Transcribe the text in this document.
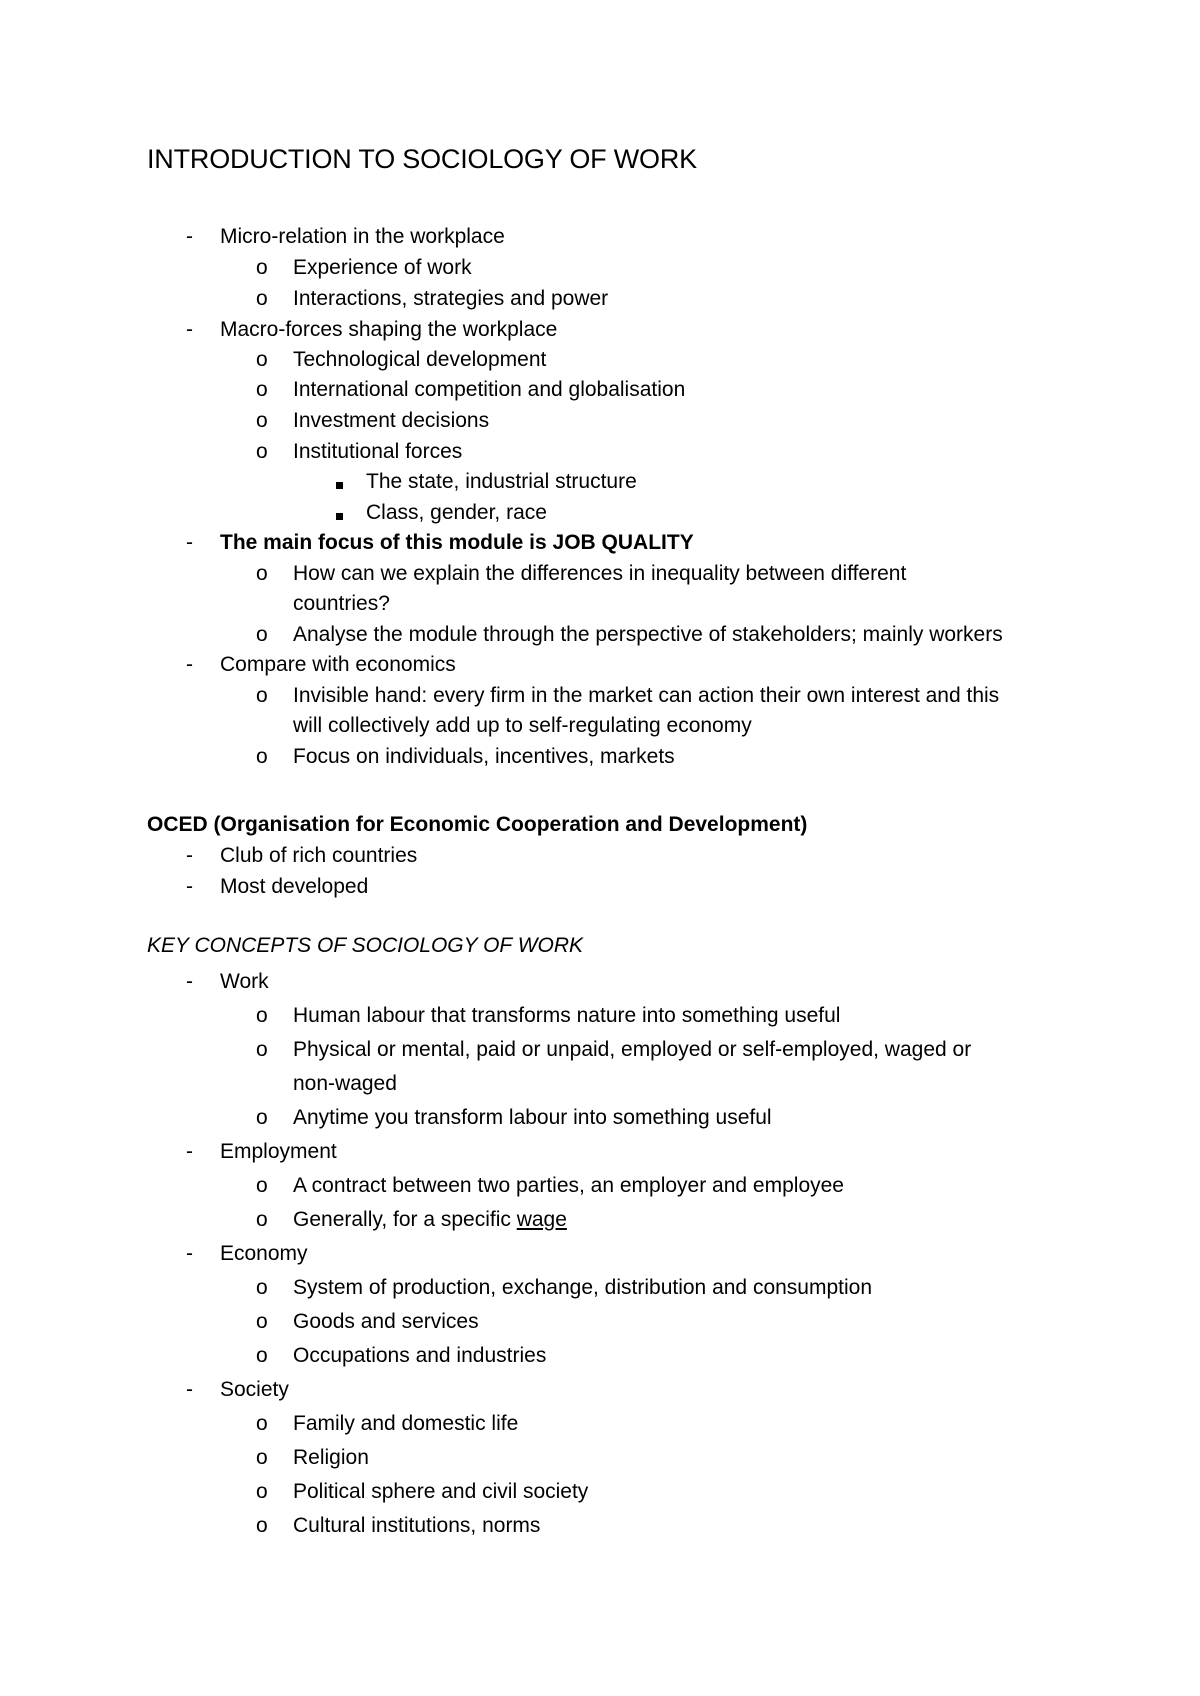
INTRODUCTION TO SOCIOLOGY OF WORK
- Micro-relation in the workplace
o Experience of work
o Interactions, strategies and power
- Macro-forces shaping the workplace
o Technological development
o International competition and globalisation
o Investment decisions
o Institutional forces
The state, industrial structure
Class, gender, race
- The main focus of this module is JOB QUALITY
o How can we explain the differences in inequality between different
countries?
o Analyse the module through the perspective of stakeholders; mainly workers
- Compare with economics
o Invisible hand: every firm in the market can action their own interest and this
will collectively add up to self-regulating economy
o Focus on individuals, incentives, markets
OCED (Organisation for Economic Cooperation and Development)
- Club of rich countries
- Most developed
KEY CONCEPTS OF SOCIOLOGY OF WORK
- Work
o Human labour that transforms nature into something useful
o Physical or mental, paid or unpaid, employed or self-employed, waged or
non-waged
o Anytime you transform labour into something useful
- Employment
o A contract between two parties, an employer and employee
o Generally, for a specific wage
- Economy
o System of production, exchange, distribution and consumption
o Goods and services
o Occupations and industries
- Society
o Family and domestic life
o Religion
o Political sphere and civil society
o Cultural institutions, norms
